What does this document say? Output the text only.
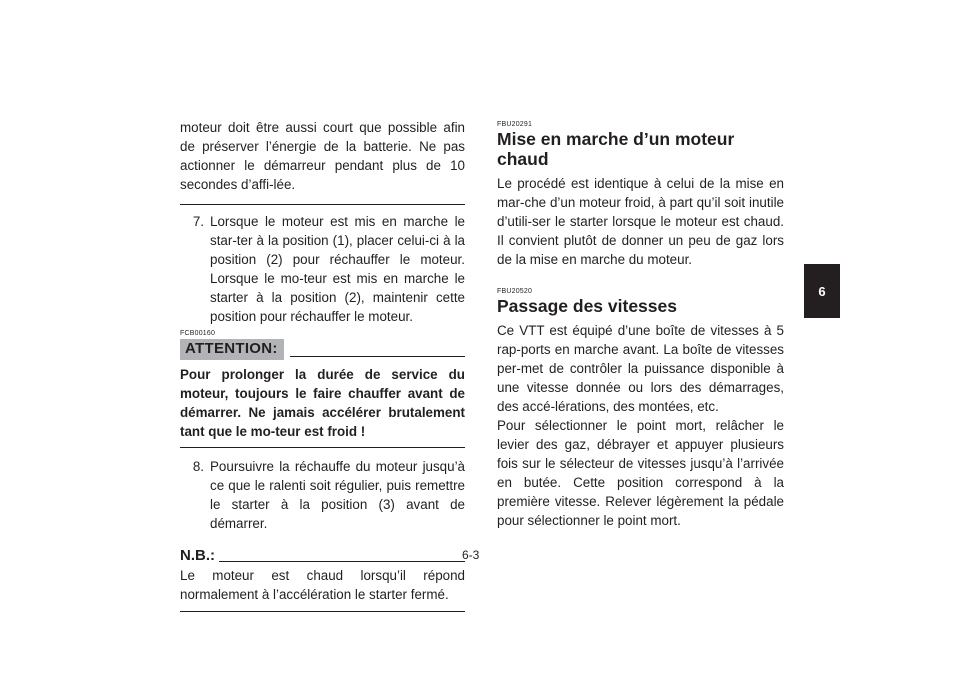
moteur doit être aussi court que possible afin de préserver l’énergie de la batterie. Ne pas actionner le démarreur pendant plus de 10 secondes d’affi-lée.

7. Lorsque le moteur est mis en marche le star-ter à la position (1), placer celui-ci à la position (2) pour réchauffer le moteur. Lorsque le mo-teur est mis en marche le starter à la position (2), maintenir cette position pour réchauffer le moteur.
FCB00160
ATTENTION:

Pour prolonger la durée de service du moteur, toujours le faire chauffer avant de démarrer. Ne jamais accélérer brutalement tant que le mo-teur est froid !

8. Poursuivre la réchauffe du moteur jusqu’à ce que le ralenti soit régulier, puis remettre le starter à la position (3) avant de démarrer.
N.B.:

Le moteur est chaud lorsqu’il répond normalement à l’accélération le starter fermé.

FBU20291
Mise en marche d’un moteur chaud

Le procédé est identique à celui de la mise en mar-che d’un moteur froid, à part qu’il soit inutile d’utili-ser le starter lorsque le moteur est chaud. Il convient plutôt de donner un peu de gaz lors de la mise en marche du moteur.

FBU20520
Passage des vitesses

Ce VTT est équipé d’une boîte de vitesses à 5 rap-ports en marche avant. La boîte de vitesses per-met de contrôler la puissance disponible à une vitesse donnée ou lors des démarrages, des accé-lérations, des montées, etc.

Pour sélectionner le point mort, relâcher le levier des gaz, débrayer et appuyer plusieurs fois sur le sélecteur de vitesses jusqu’à l’arrivée en butée. Cette position correspond à la première vitesse. Relever légèrement la pédale pour sélectionner le point mort.

6
6-3
